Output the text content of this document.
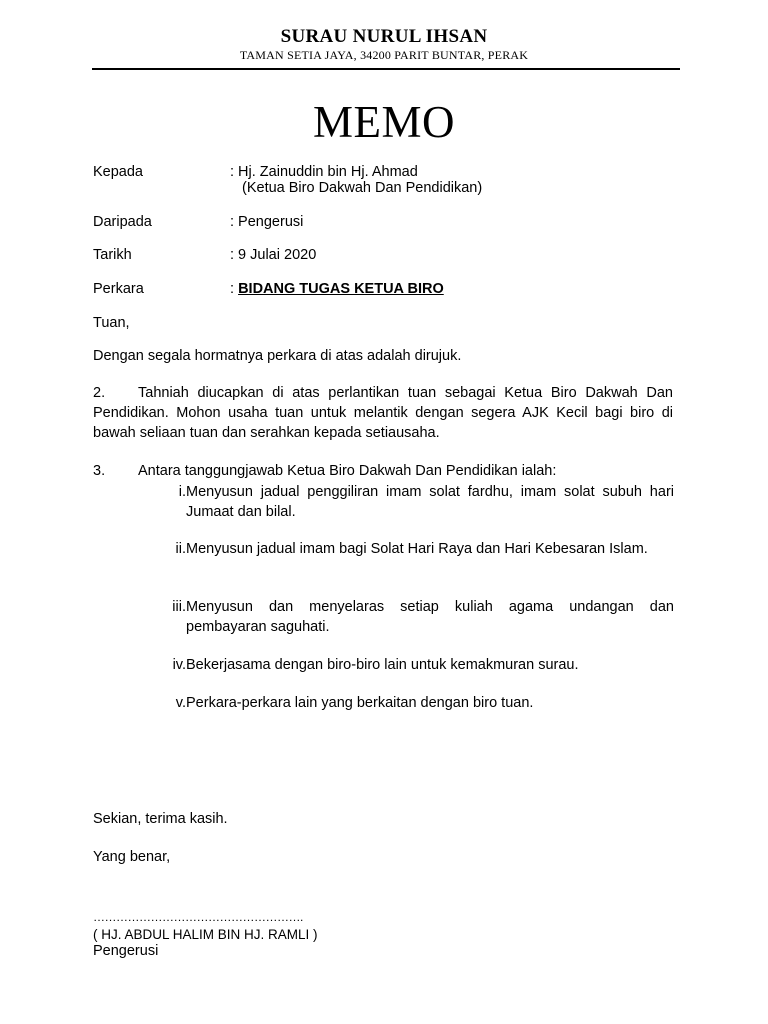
SURAU NURUL IHSAN
TAMAN SETIA JAYA, 34200 PARIT BUNTAR, PERAK
MEMO
Kepada	: Hj. Zainuddin bin Hj. Ahmad
(Ketua Biro Dakwah Dan Pendidikan)
Daripada	: Pengerusi
Tarikh	: 9 Julai 2020
Perkara	: BIDANG TUGAS KETUA BIRO
Tuan,
Dengan segala hormatnya perkara di atas adalah dirujuk.
2. Tahniah diucapkan di atas perlantikan tuan sebagai Ketua Biro Dakwah Dan Pendidikan. Mohon usaha tuan untuk melantik dengan segera AJK Kecil bagi biro di bawah seliaan tuan dan serahkan kepada setiausaha.
3. Antara tanggungjawab Ketua Biro Dakwah Dan Pendidikan ialah:
i. Menyusun jadual penggiliran imam solat fardhu, imam solat subuh hari Jumaat dan bilal.
ii. Menyusun jadual imam bagi Solat Hari Raya dan Hari Kebesaran Islam.
iii. Menyusun dan menyelaras setiap kuliah agama undangan dan pembayaran saguhati.
iv. Bekerjasama dengan biro-biro lain untuk kemakmuran surau.
v. Perkara-perkara lain yang berkaitan dengan biro tuan.
Sekian, terima kasih.
Yang benar,
……………………………………………….
( HJ. ABDUL HALIM BIN HJ. RAMLI )
Pengerusi
